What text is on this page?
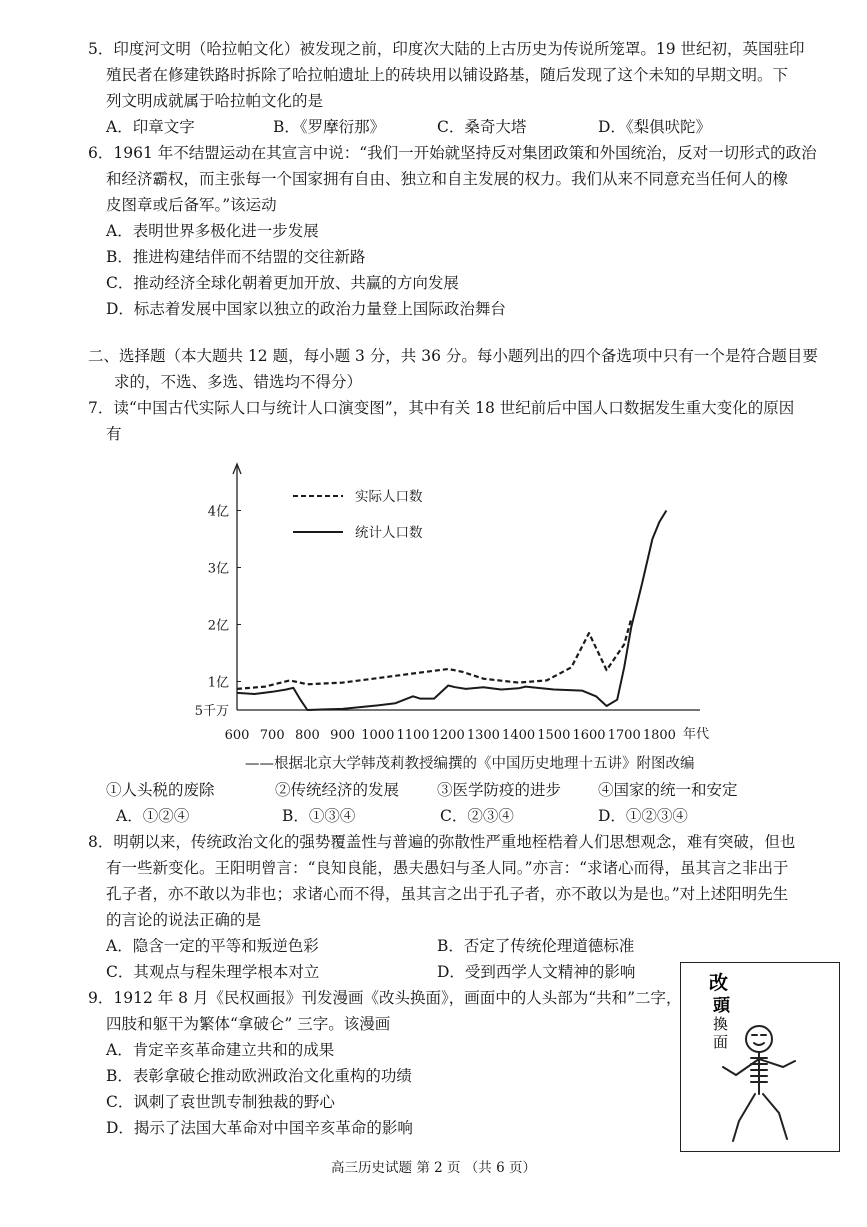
5．印度河文明（哈拉帕文化）被发现之前，印度次大陆的上古历史为传说所笼罩。19 世纪初，英国驻印
殖民者在修建铁路时拆除了哈拉帕遗址上的砖块用以铺设路基，随后发现了这个未知的早期文明。下
列文明成就属于哈拉帕文化的是
A．印章文字	B．《罗摩衍那》	C．桑奇大塔	D．《梨俱吠陀》
6．1961 年不结盟运动在其宣言中说：“我们一开始就坚持反对集团政策和外国统治，反对一切形式的政治
和经济霸权，而主张每一个国家拥有自由、独立和自主发展的权力。我们从来不同意充当任何人的橡
皮图章或后备军。”该运动
A．表明世界多极化进一步发展
B．推进构建结伴而不结盟的交往新路
C．推动经济全球化朝着更加开放、共赢的方向发展
D．标志着发展中国家以独立的政治力量登上国际政治舞台
二、选择题（本大题共 12 题，每小题 3 分，共 36 分。每小题列出的四个备选项中只有一个是符合题目要
求的，不选、多选、错选均不得分）
7．读“中国古代实际人口与统计人口演变图”，其中有关 18 世纪前后中国人口数据发生重大变化的原因
有
5千万
1亿
2亿
3亿
4亿
600 700 800 900 1000 1100 1200 1300 1400 1500 1600 1700 1800
实际人口数
统计人口数
年代
——根据北京大学韩茂莉教授编撰的《中国历史地理十五讲》附图改编
①人头税的废除	②传统经济的发展 ③医学防疫的进步 ④国家的统一和安定
A．①②④	B．①③④	C．②③④	D．①②③④
8．明朝以来，传统政治文化的强势覆盖性与普遍的弥散性严重地桎梏着人们思想观念，难有突破，但也
有一些新变化。王阳明曾言：“良知良能，愚夫愚妇与圣人同。”亦言：“求诸心而得，虽其言之非出于
孔子者，亦不敢以为非也；求诸心而不得，虽其言之出于孔子者，亦不敢以为是也。”对上述阳明先生
的言论的说法正确的是
A．隐含一定的平等和叛逆色彩	B．否定了传统伦理道德标准
C．其观点与程朱理学根本对立	D．受到西学人文精神的影响
9．1912 年 8 月《民权画报》刊发漫画《改头换面》，画面中的人头部为“共和”二字，
四肢和躯干为繁体“拿破仑” 三字。该漫画
A．肯定辛亥革命建立共和的成果
B．表彰拿破仑推动欧洲政治文化重构的功绩
C．讽刺了袁世凯专制独裁的野心
D．揭示了法国大革命对中国辛亥革命的影响
改
頭
換
面
高三历史试题 第 2 页 （共 6 页）
